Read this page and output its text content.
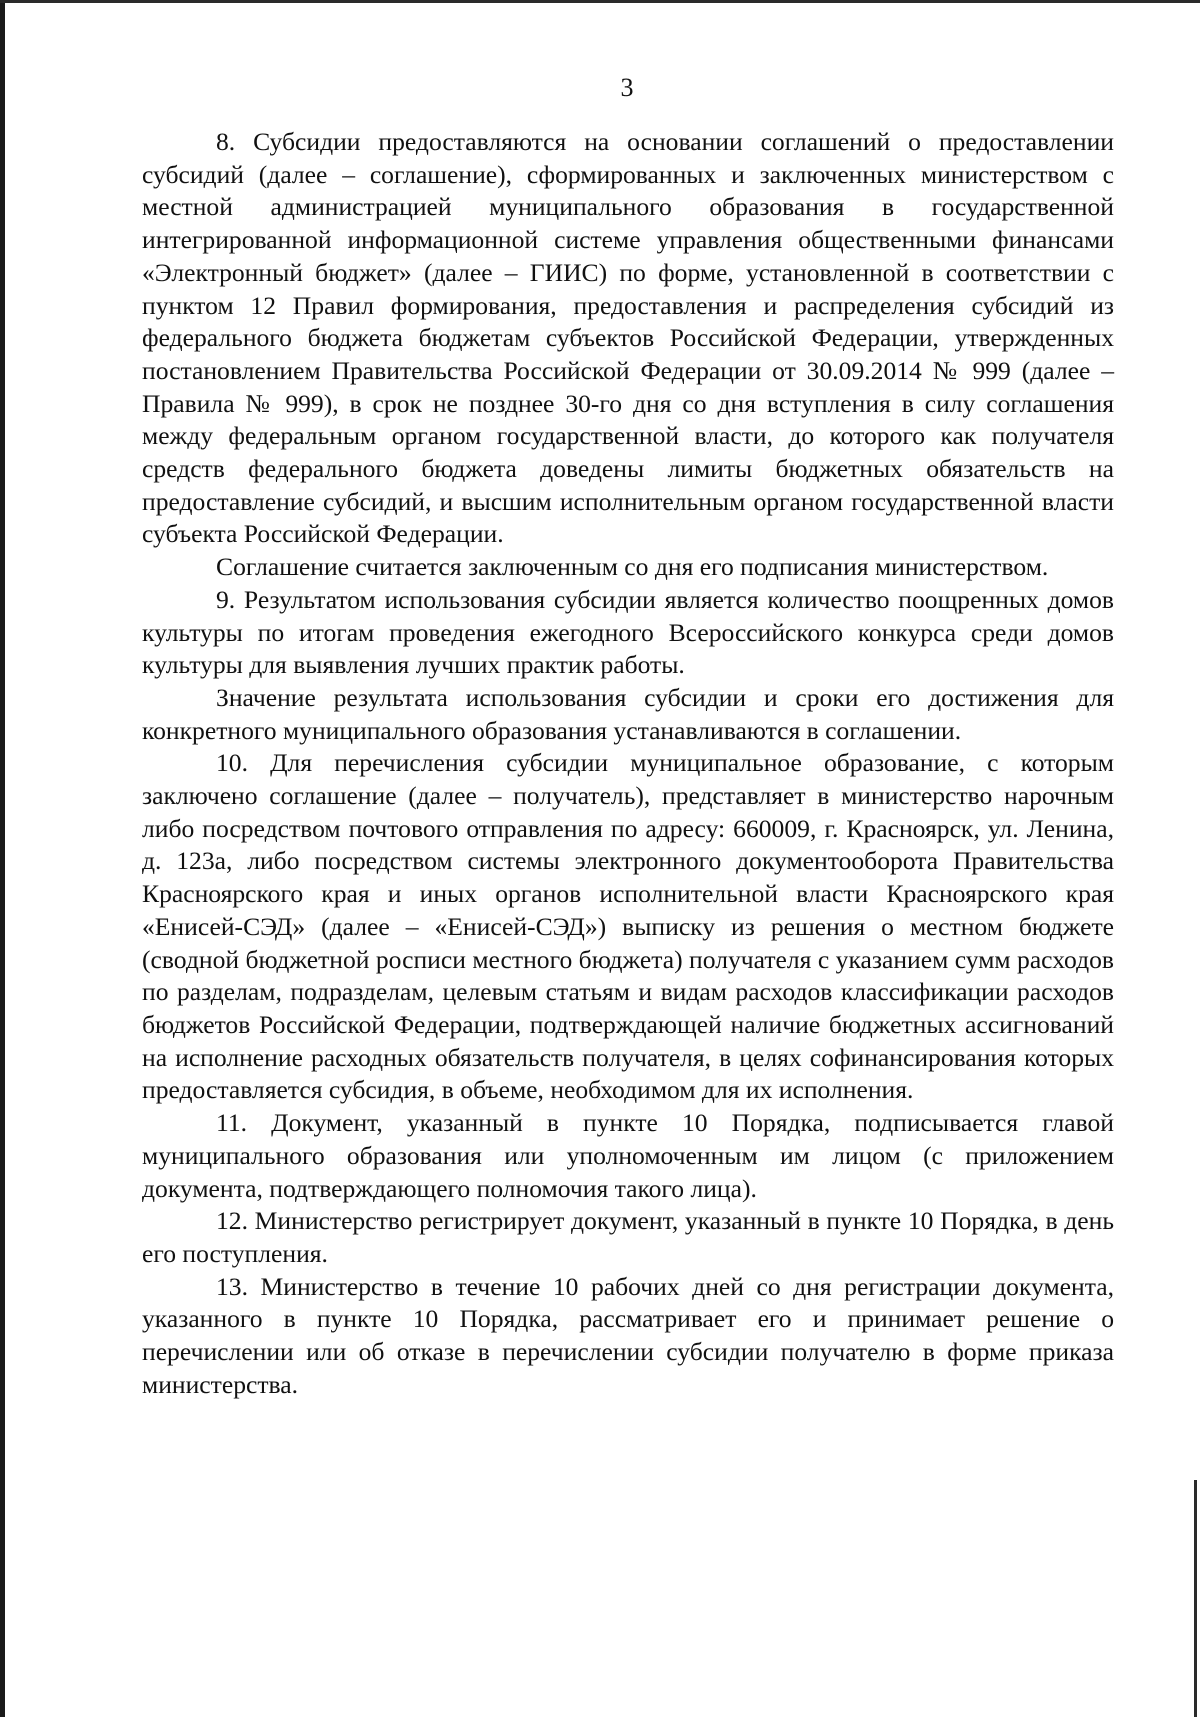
3

8. Субсидии предоставляются на основании соглашений о предоставлении субсидий (далее – соглашение), сформированных и заключенных министерством с местной администрацией муниципального образования в государственной интегрированной информационной системе управления общественными финансами «Электронный бюджет» (далее – ГИИС) по форме, установленной в соответствии с пунктом 12 Правил формирования, предоставления и распределения субсидий из федерального бюджета бюджетам субъектов Российской Федерации, утвержденных постановлением Правительства Российской Федерации от 30.09.2014 № 999 (далее – Правила № 999), в срок не позднее 30-го дня со дня вступления в силу соглашения между федеральным органом государственной власти, до которого как получателя средств федерального бюджета доведены лимиты бюджетных обязательств на предоставление субсидий, и высшим исполнительным органом государственной власти субъекта Российской Федерации.

Соглашение считается заключенным со дня его подписания министерством.

9. Результатом использования субсидии является количество поощренных домов культуры по итогам проведения ежегодного Всероссийского конкурса среди домов культуры для выявления лучших практик работы.

Значение результата использования субсидии и сроки его достижения для конкретного муниципального образования устанавливаются в соглашении.

10. Для перечисления субсидии муниципальное образование, с которым заключено соглашение (далее – получатель), представляет в министерство нарочным либо посредством почтового отправления по адресу: 660009, г. Красноярск, ул. Ленина, д. 123а, либо посредством системы электронного документооборота Правительства Красноярского края и иных органов исполнительной власти Красноярского края «Енисей-СЭД» (далее – «Енисей-СЭД») выписку из решения о местном бюджете (сводной бюджетной росписи местного бюджета) получателя с указанием сумм расходов по разделам, подразделам, целевым статьям и видам расходов классификации расходов бюджетов Российской Федерации, подтверждающей наличие бюджетных ассигнований на исполнение расходных обязательств получателя, в целях софинансирования которых предоставляется субсидия, в объеме, необходимом для их исполнения.

11. Документ, указанный в пункте 10 Порядка, подписывается главой муниципального образования или уполномоченным им лицом (с приложением документа, подтверждающего полномочия такого лица).

12. Министерство регистрирует документ, указанный в пункте 10 Порядка, в день его поступления.

13. Министерство в течение 10 рабочих дней со дня регистрации документа, указанного в пункте 10 Порядка, рассматривает его и принимает решение о перечислении или об отказе в перечислении субсидии получателю в форме приказа министерства.
